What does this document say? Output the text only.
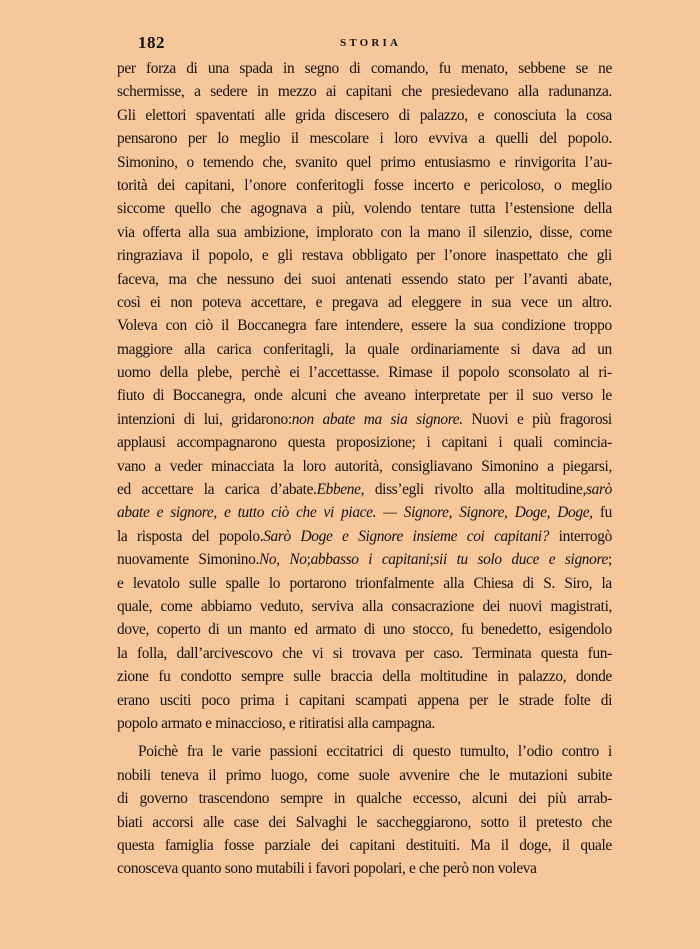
182	STORIA
per forza di una spada in segno di comando, fu menato, sebbene se ne
schermisse, a sedere in mezzo ai capitani che presiedevano alla radunanza.
Gli elettori spaventati alle grida discesero di palazzo, e conosciuta la cosa
pensarono per lo meglio il mescolare i loro evviva a quelli del popolo.
Simonino, o temendo che, svanito quel primo entusiasmo e rinvigorita l’au-
torità dei capitani, l’onore conferitogli fosse incerto e pericoloso, o meglio
siccome quello che agognava a più, volendo tentare tutta l’estensione della
via offerta alla sua ambizione, implorato con la mano il silenzio, disse, come
ringraziava il popolo, e gli restava obbligato per l’onore inaspettato che gli
faceva, ma che nessuno dei suoi antenati essendo stato per l’avanti abate,
così ei non poteva accettare, e pregava ad eleggere in sua vece un altro.
Voleva con ciò il Boccanegra fare intendere, essere la sua condizione troppo
maggiore alla carica conferitagli, la quale ordinariamente si dava ad un
uomo della plebe, perchè ei l’accettasse. Rimase il popolo sconsolato al ri-
fiuto di Boccanegra, onde alcuni che aveano interpretate per il suo verso le
intenzioni di lui, gridarono:non abate ma sia signore. Nuovi e più fragorosi
applausi accompagnarono questa proposizione; i capitani i quali comincia-
vano a veder minacciata la loro autorità, consigliavano Simonino a piegarsi,
ed accettare la carica d’abate.Ebbene, diss’egli rivolto alla moltitudine,sarò
abate e signore, e tutto ciò che vi piace. — Signore, Signore, Doge, Doge, fu
la risposta del popolo.Sarò Doge e Signore insieme coi capitani? interrogò
nuovamente Simonino.No, No;abbasso i capitani;sii tu solo duce e signore;
e levatolo sulle spalle lo portarono trionfalmente alla Chiesa di S. Siro, la
quale, come abbiamo veduto, serviva alla consacrazione dei nuovi magistrati,
dove, coperto di un manto ed armato di uno stocco, fu benedetto, esigendolo
la folla, dall’arcivescovo che vi si trovava per caso. Terminata questa fun-
zione fu condotto sempre sulle braccia della moltitudine in palazzo, donde
erano usciti poco prima i capitani scampati appena per le strade folte di
popolo armato e minaccioso, e ritiratisi alla campagna.
Poichè fra le varie passioni eccitatrici di questo tumulto, l’odio contro i
nobili teneva il primo luogo, come suole avvenire che le mutazioni subite
di governo trascendono sempre in qualche eccesso, alcuni dei più arrab-
biati accorsi alle case dei Salvaghi le saccheggiarono, sotto il pretesto che
questa famiglia fosse parziale dei capitani destituiti. Ma il doge, il quale
conosceva quanto sono mutabili i favori popolari, e che però non voleva
